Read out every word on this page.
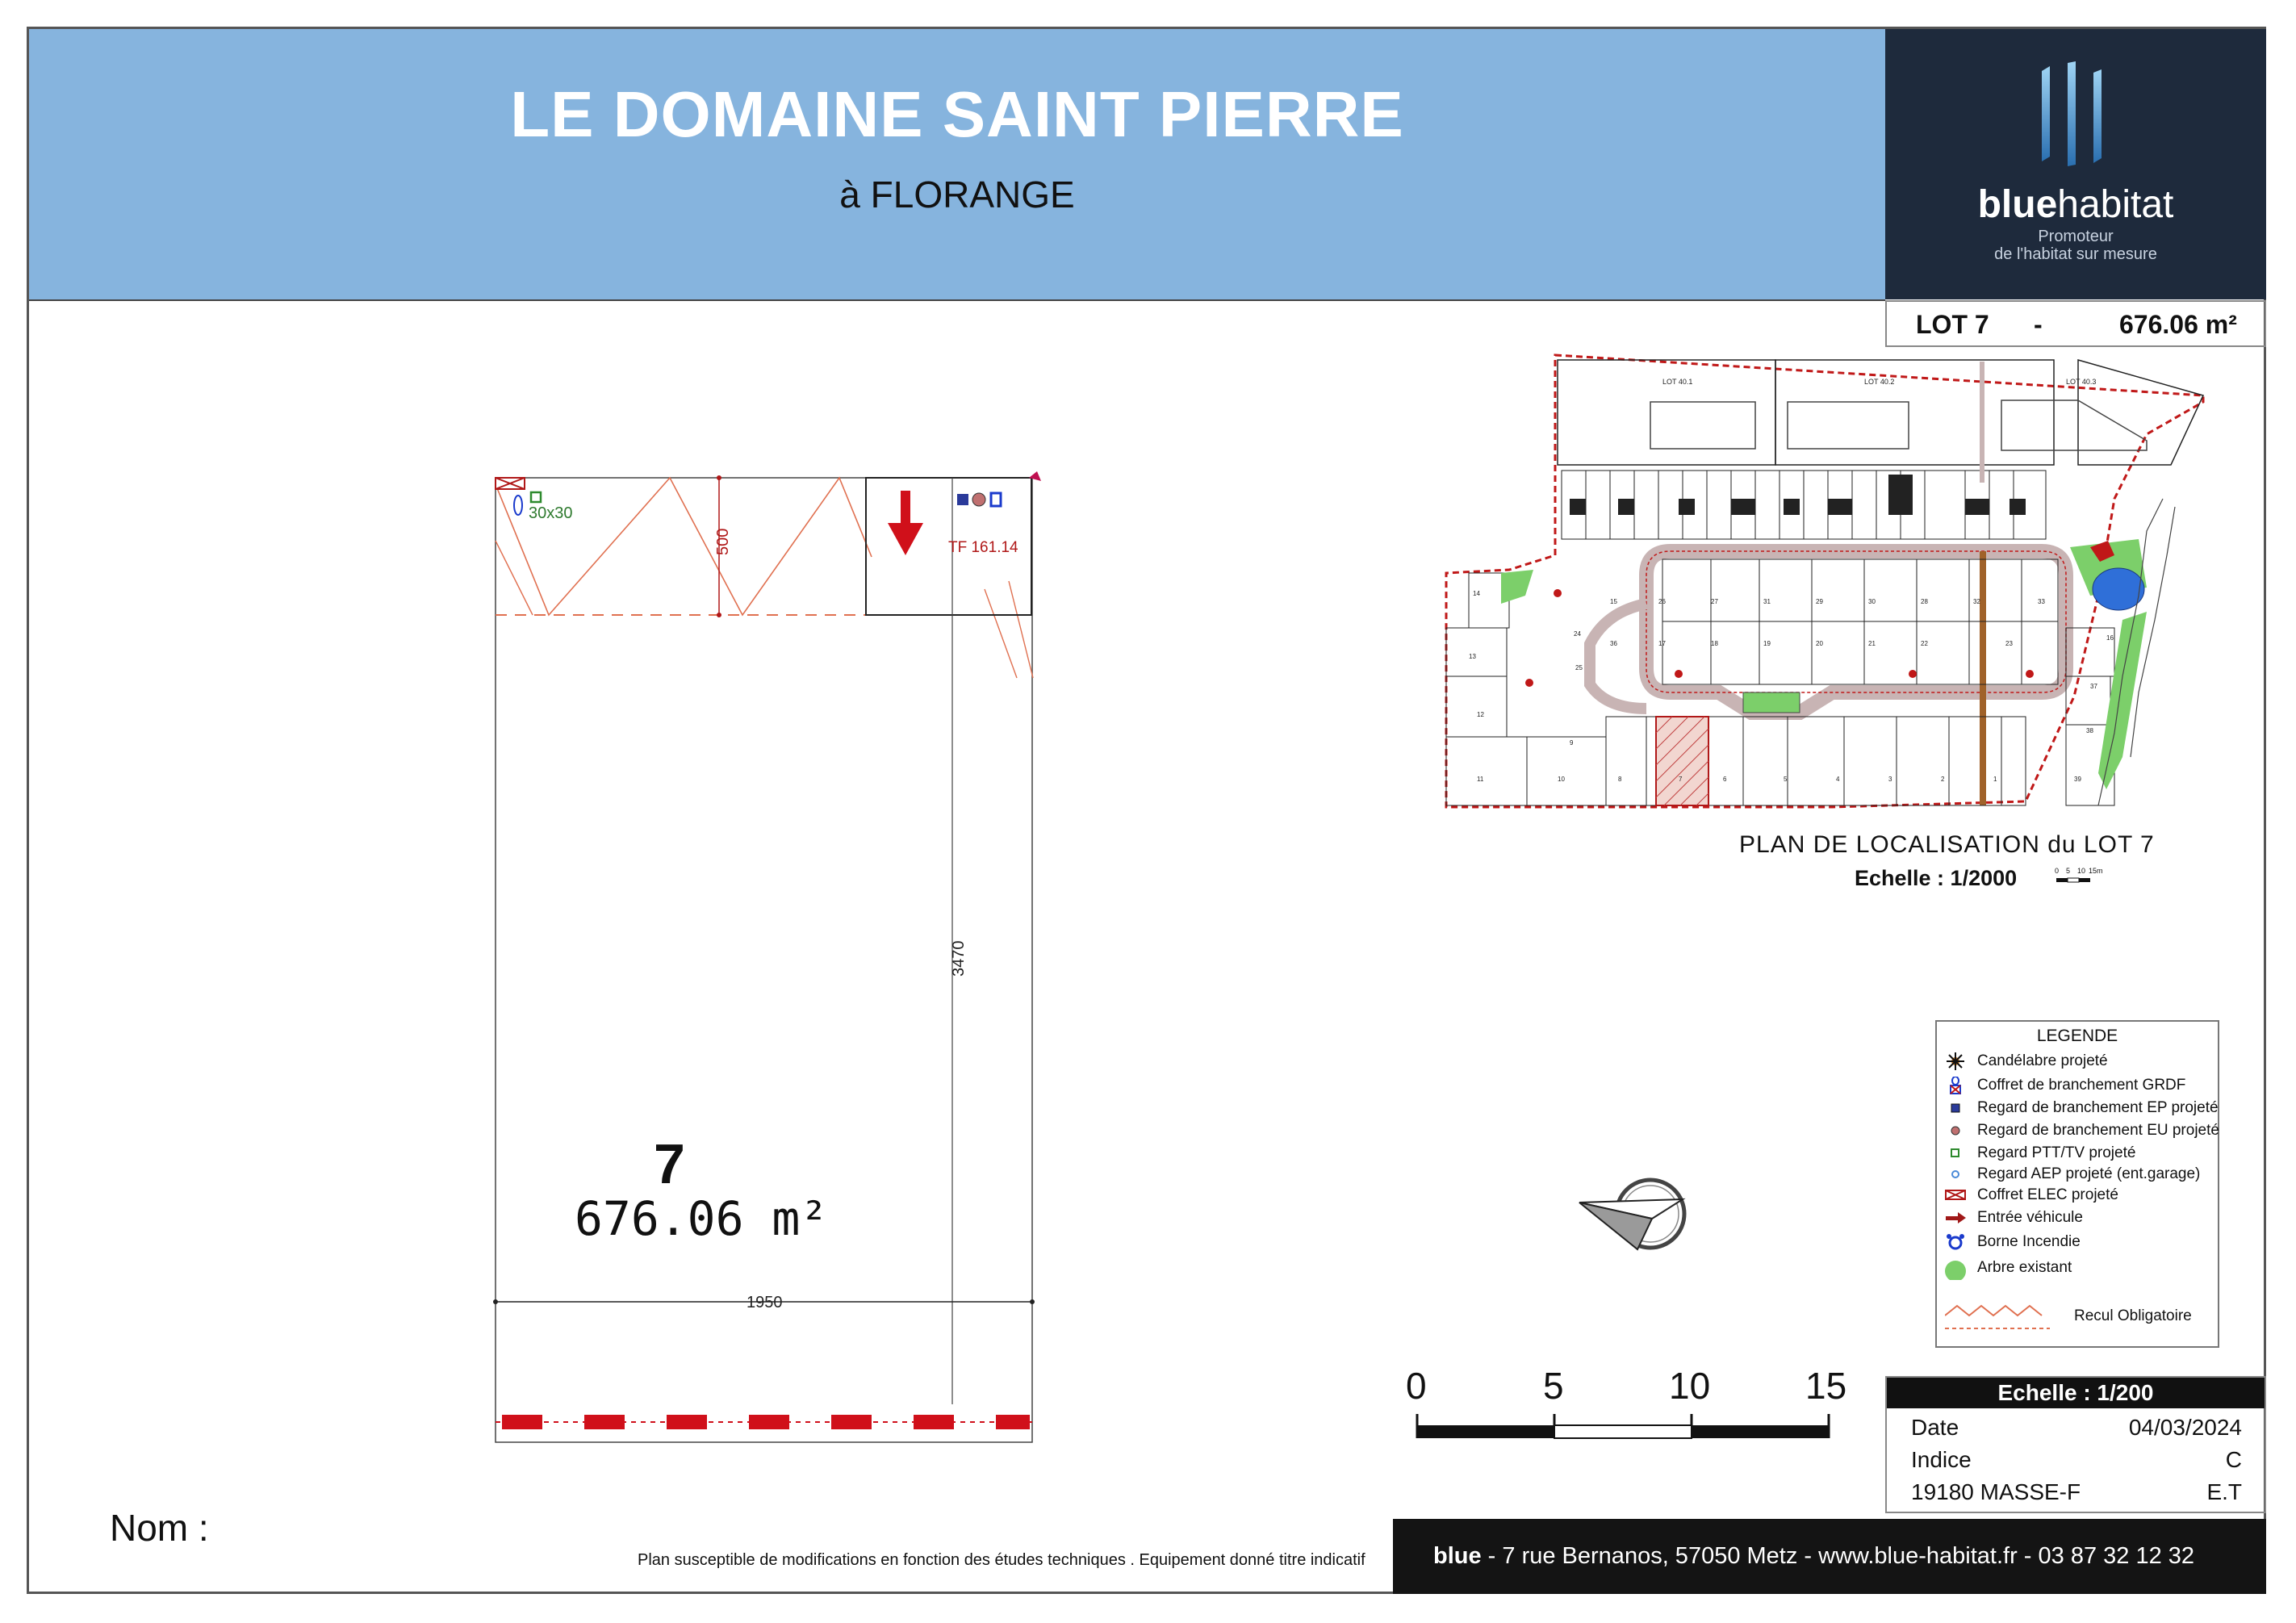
LE DOMAINE SAINT PIERRE
à FLORANGE	bluehabitat
Promoteur
de l'habitat sur mesure
LOT 7 -	676.06 m²
500
3470
1950
TF 161.14
30x30
7
676.06 m²
LOT 40.1	LOT 40.2	LOT 40.3
15	26	27	31	29	30	28	32	33
24
36	17	18	19	20	21	22	23
25
14
13
12
11	10
9
8	7	6	5	4	3	2	1
16
37
38
39
PLAN DE LOCALISATION du LOT 7
Echelle : 1/2000	0 5 10 15m
LEGENDE
Candélabre projeté
Coffret de branchement GRDF
Regard de branchement EP projeté
Regard de branchement EU projeté
Regard PTT/TV projeté
Regard AEP projeté (ent.garage)
Coffret ELEC projeté
Entrée véhicule
Borne Incendie
Arbre existant
Recul Obligatoire
0	5	10	15	Echelle : 1/200
Date	04/03/2024
Indice	C
19180 MASSE-F	E.T
blue - 7 rue Bernanos, 57050 Metz - www.blue-habitat.fr - 03 87 32 12 32
Plan susceptible de modifications en fonction des études techniques . Equipement donné titre indicatif
Nom :
